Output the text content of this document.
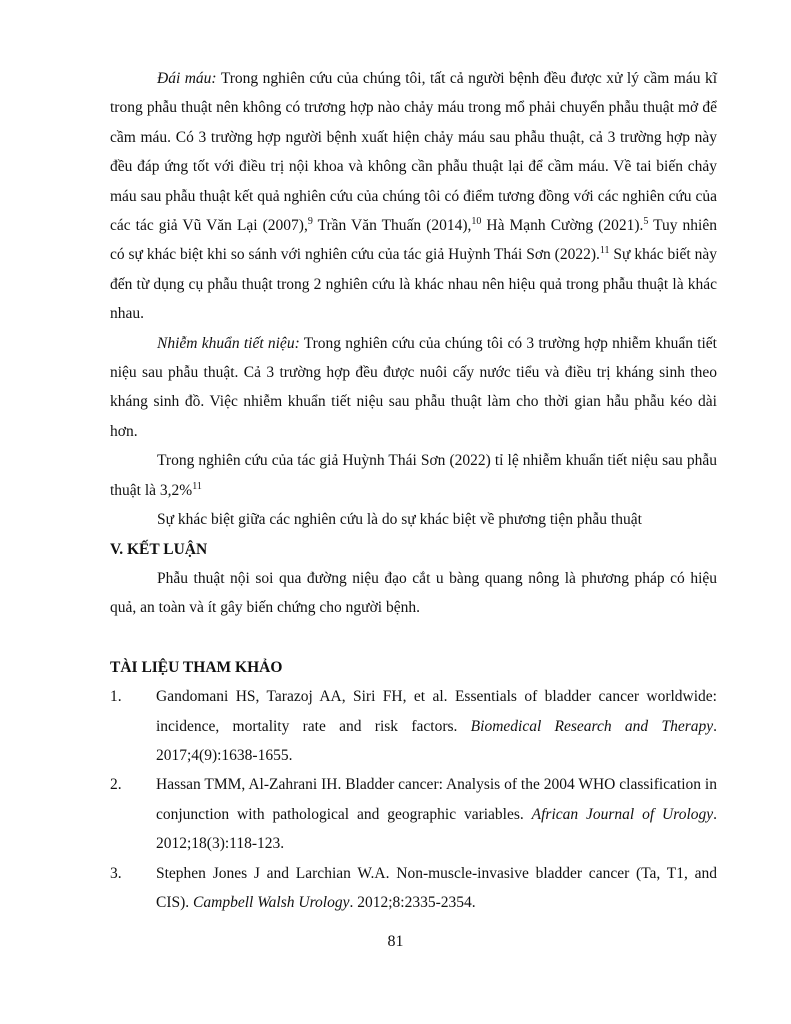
Đái máu: Trong nghiên cứu của chúng tôi, tất cả người bệnh đều được xử lý cầm máu kĩ trong phẫu thuật nên không có trương hợp nào chảy máu trong mổ phải chuyển phẫu thuật mở để cầm máu. Có 3 trường hợp người bệnh xuất hiện chảy máu sau phẫu thuật, cả 3 trường hợp này đều đáp ứng tốt với điều trị nội khoa và không cần phẫu thuật lại để cầm máu. Về tai biến chảy máu sau phẫu thuật kết quả nghiên cứu của chúng tôi có điểm tương đồng với các nghiên cứu của các tác giả Vũ Văn Lại (2007),$^9$ Trần Văn Thuấn (2014),$^{10}$ Hà Mạnh Cường (2021).$^5$ Tuy nhiên có sự khác biệt khi so sánh với nghiên cứu của tác giả Huỳnh Thái Sơn (2022).$^{11}$ Sự khác biết này đến từ dụng cụ phẫu thuật trong 2 nghiên cứu là khác nhau nên hiệu quả trong phẫu thuật là khác nhau.

Nhiễm khuẩn tiết niệu: Trong nghiên cứu của chúng tôi có 3 trường hợp nhiễm khuẩn tiết niệu sau phẫu thuật. Cả 3 trường hợp đều được nuôi cấy nước tiểu và điều trị kháng sinh theo kháng sinh đồ. Việc nhiễm khuẩn tiết niệu sau phẫu thuật làm cho thời gian hẫu phẫu kéo dài hơn.

Trong nghiên cứu của tác giả Huỳnh Thái Sơn (2022) tỉ lệ nhiễm khuẩn tiết niệu sau phẫu thuật là 3,2%$^{11}$

Sự khác biệt giữa các nghiên cứu là do sự khác biệt về phương tiện phẫu thuật

V. KẾT LUẬN

Phẫu thuật nội soi qua đường niệu đạo cắt u bàng quang nông là phương pháp có hiệu quả, an toàn và ít gây biến chứng cho người bệnh.

TÀI LIỆU THAM KHẢO

1. Gandomani HS, Tarazoj AA, Siri FH, et al. Essentials of bladder cancer worldwide: incidence, mortality rate and risk factors. Biomedical Research and Therapy. 2017;4(9):1638-1655.

2. Hassan TMM, Al-Zahrani IH. Bladder cancer: Analysis of the 2004 WHO classification in conjunction with pathological and geographic variables. African Journal of Urology. 2012;18(3):118-123.

3. Stephen Jones J and Larchian W.A. Non-muscle-invasive bladder cancer (Ta, T1, and CIS). Campbell Walsh Urology. 2012;8:2335-2354.

81
